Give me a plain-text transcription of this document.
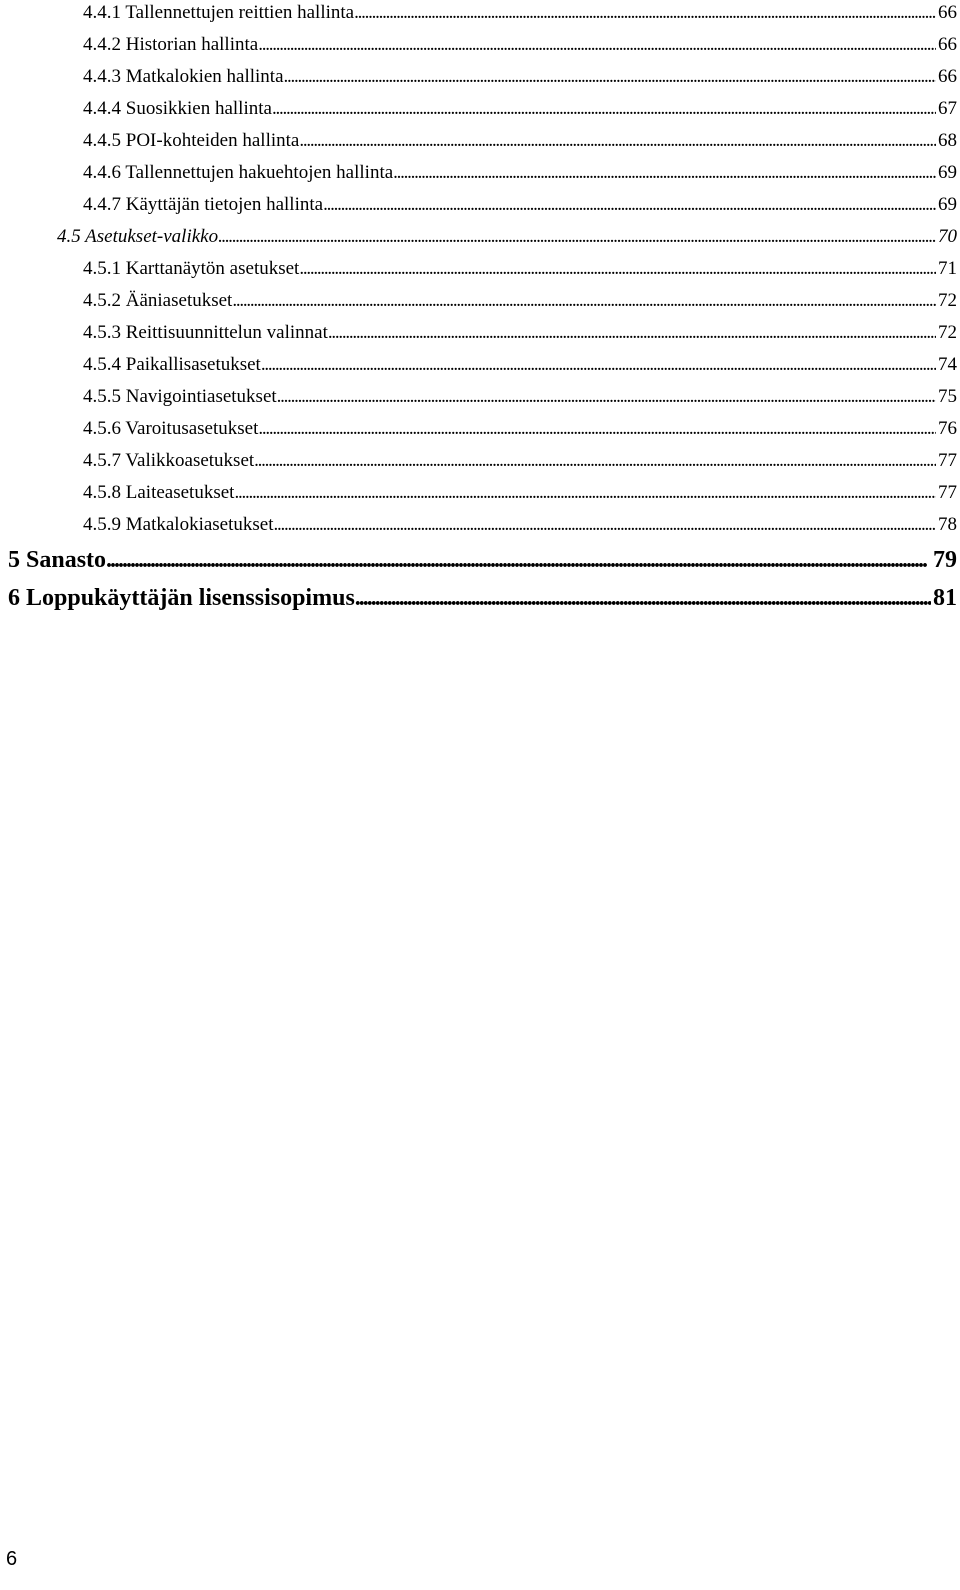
4.4.1 Tallennettujen reittien hallinta . . .	66
4.4.2 Historian hallinta . . .	66
4.4.3 Matkalokien hallinta . . .	66
4.4.4 Suosikkien hallinta . . .	67
4.4.5 POI-kohteiden hallinta . . .	68
4.4.6 Tallennettujen hakuehtojen hallinta . . .	69
4.4.7 Käyttäjän tietojen hallinta . . .	69
4.5 Asetukset-valikko . . .	70
4.5.1 Karttanäytön asetukset . . .	71
4.5.2 Ääniasetukset . . .	72
4.5.3 Reittisuunnittelun valinnat . . .	72
4.5.4 Paikallisasetukset . . .	74
4.5.5 Navigointiasetukset . . .	75
4.5.6 Varoitusasetukset . . .	76
4.5.7 Valikkoasetukset . . .	77
4.5.8 Laiteasetukset . . .	77
4.5.9 Matkalokiasetukset . . .	78
5 Sanasto . . .	79
6 Loppukäyttäjän lisenssisopimus . . .	81
6
